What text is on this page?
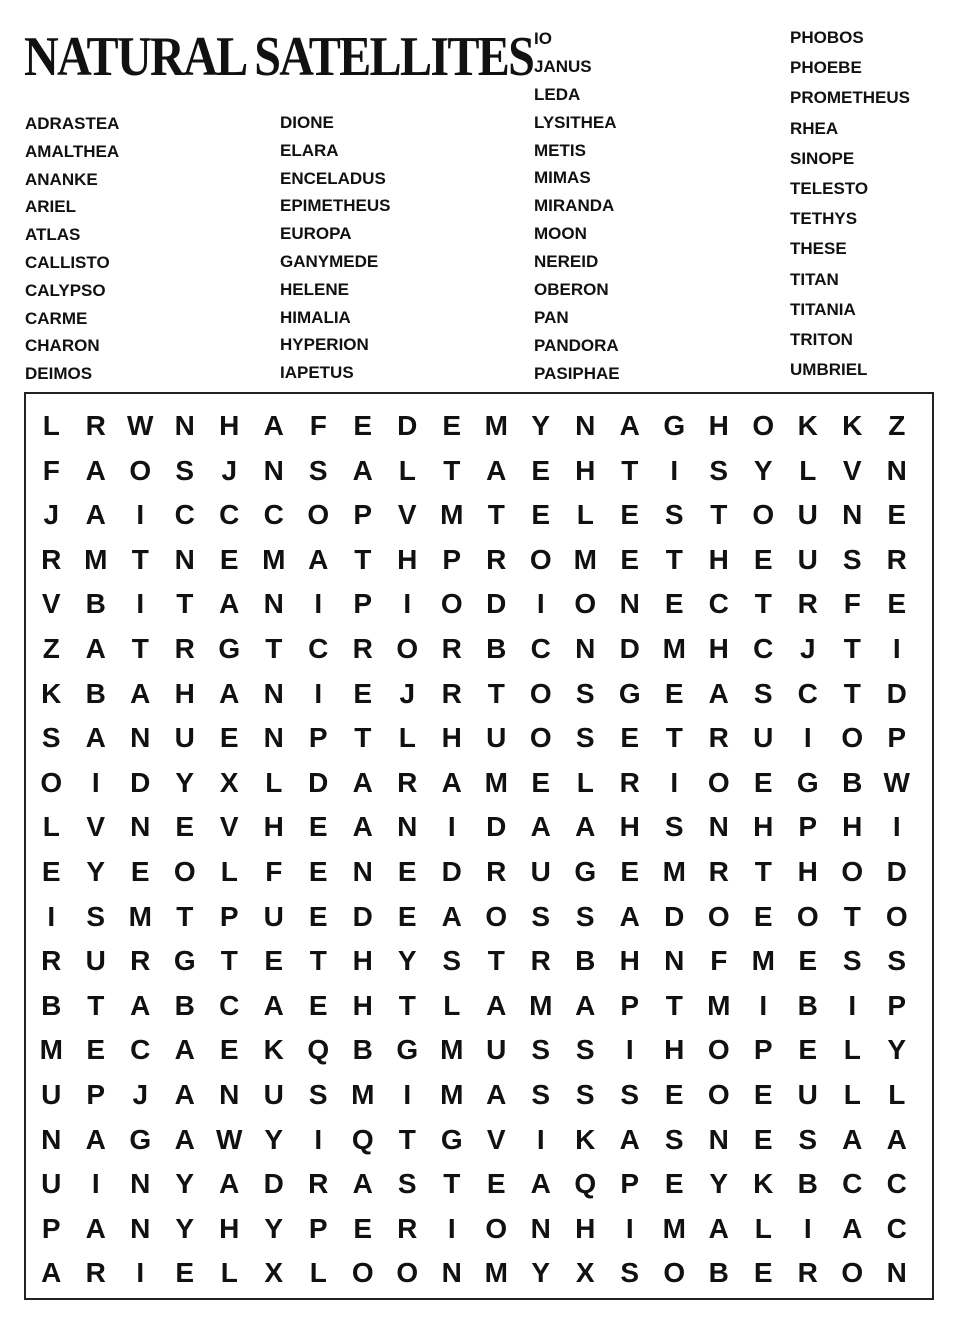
NATURAL SATELLITES
ADRASTEA
AMALTHEA
ANANKE
ARIEL
ATLAS
CALLISTO
CALYPSO
CARME
CHARON
DEIMOS
DIONE
ELARA
ENCELADUS
EPIMETHEUS
EUROPA
GANYMEDE
HELENE
HIMALIA
HYPERION
IAPETUS
IO
JANUS
LEDA
LYSITHEA
METIS
MIMAS
MIRANDA
MOON
NEREID
OBERON
PAN
PANDORA
PASIPHAE
PHOBOS
PHOEBE
PROMETHEUS
RHEA
SINOPE
TELESTO
TETHYS
THESE
TITAN
TITANIA
TRITON
UMBRIEL
L R W N H A F E D E M Y N A G H O K K Z
F A O S J N S A L T A E H T	I	S Y L V N
J A	I	C C C O P V M T E L E S T O U N E
R M T N E M A T H P R O M E T H E U S R
V B	I	T A N	I	P	I	O D	I	O N E C T R F E
Z A T R G T C R O R B C N D M H C J	T	I
K B A H A N	I	E J R T O S G E A S C T D
S A N U E N P T L H U O S E T R U	I	O P
O	I	D Y X L D A R A M E L R	I	O E G B W
L V N E V H E A N	I	D A A H S N H P H	I
E Y E O L F E N E D R U G E M R T H O D
I	S M T P U E D E A O S S A D O E O T O
R U R G T E T H Y S T R B H N F M E S S
B T A B C A E H T L A M A P T M	I	B	I	P
M E C A E K Q B G M U S S	I	H O P E L Y
U P J A N U S M	I	M A S S S E O E U L L
N A G A W Y	I	Q T G V	I	K A S N E S A A
U	I	N Y A D R A S T E A Q P E Y K B C C
P A N Y H Y P E R	I	O N H	I	M A L	I	A C
A R	I	E L X L O O N M Y X S O B E R O N
